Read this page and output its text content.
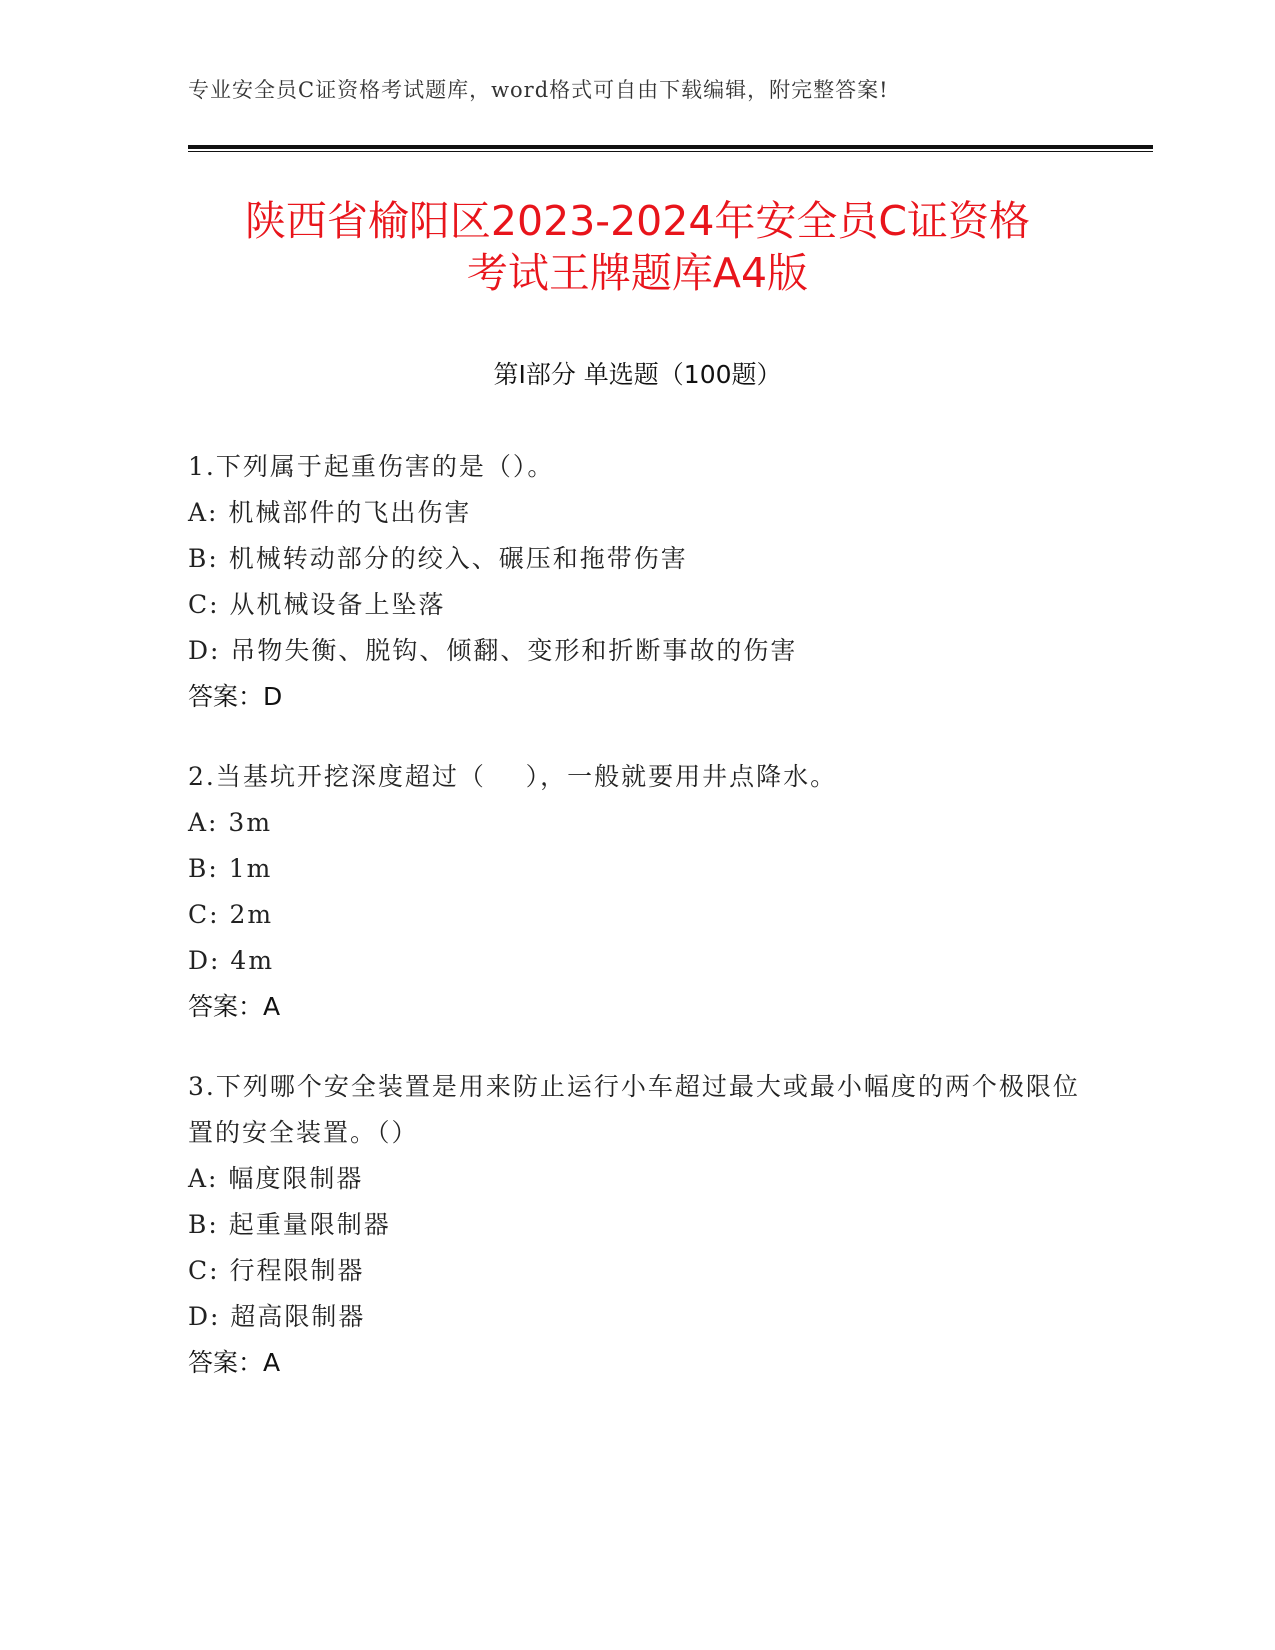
专业安全员C证资格考试题库，word格式可自由下载编辑，附完整答案!
陕西省榆阳区2023-2024年安全员C证资格
考试王牌题库A4版
第I部分 单选题（100题）
1.下列属于起重伤害的是（）。
A: 机械部件的飞出伤害
B: 机械转动部分的绞入、碾压和拖带伤害
C: 从机械设备上坠落
D: 吊物失衡、脱钩、倾翻、变形和折断事故的伤害
答案：D
2.当基坑开挖深度超过（    ），一般就要用井点降水。
A: 3m
B: 1m
C: 2m
D: 4m
答案：A
3.下列哪个安全装置是用来防止运行小车超过最大或最小幅度的两个极限位置的安全装置。（）
A: 幅度限制器
B: 起重量限制器
C: 行程限制器
D: 超高限制器
答案：A
